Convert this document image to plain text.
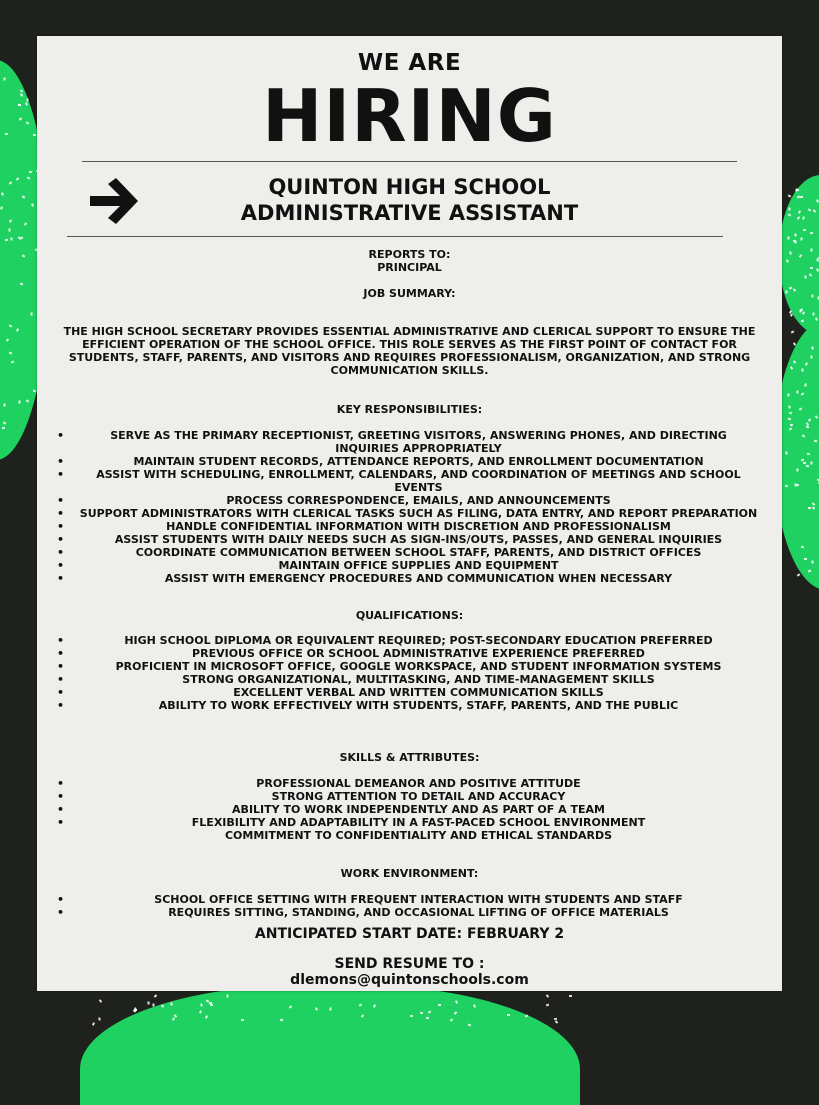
WE ARE
HIRING
QUINTON HIGH SCHOOL
ADMINISTRATIVE ASSISTANT
REPORTS TO:
PRINCIPAL
JOB SUMMARY:
THE HIGH SCHOOL SECRETARY PROVIDES ESSENTIAL ADMINISTRATIVE AND CLERICAL SUPPORT TO ENSURE THE EFFICIENT OPERATION OF THE SCHOOL OFFICE. THIS ROLE SERVES AS THE FIRST POINT OF CONTACT FOR STUDENTS, STAFF, PARENTS, AND VISITORS AND REQUIRES PROFESSIONALISM, ORGANIZATION, AND STRONG COMMUNICATION SKILLS.
KEY RESPONSIBILITIES:
• SERVE AS THE PRIMARY RECEPTIONIST, GREETING VISITORS, ANSWERING PHONES, AND DIRECTING INQUIRIES APPROPRIATELY
• MAINTAIN STUDENT RECORDS, ATTENDANCE REPORTS, AND ENROLLMENT DOCUMENTATION
• ASSIST WITH SCHEDULING, ENROLLMENT, CALENDARS, AND COORDINATION OF MEETINGS AND SCHOOL EVENTS
• PROCESS CORRESPONDENCE, EMAILS, AND ANNOUNCEMENTS
• SUPPORT ADMINISTRATORS WITH CLERICAL TASKS SUCH AS FILING, DATA ENTRY, AND REPORT PREPARATION
• HANDLE CONFIDENTIAL INFORMATION WITH DISCRETION AND PROFESSIONALISM
• ASSIST STUDENTS WITH DAILY NEEDS SUCH AS SIGN-INS/OUTS, PASSES, AND GENERAL INQUIRIES
• COORDINATE COMMUNICATION BETWEEN SCHOOL STAFF, PARENTS, AND DISTRICT OFFICES
• MAINTAIN OFFICE SUPPLIES AND EQUIPMENT
• ASSIST WITH EMERGENCY PROCEDURES AND COMMUNICATION WHEN NECESSARY
QUALIFICATIONS:
• HIGH SCHOOL DIPLOMA OR EQUIVALENT REQUIRED; POST-SECONDARY EDUCATION PREFERRED
• PREVIOUS OFFICE OR SCHOOL ADMINISTRATIVE EXPERIENCE PREFERRED
• PROFICIENT IN MICROSOFT OFFICE, GOOGLE WORKSPACE, AND STUDENT INFORMATION SYSTEMS
• STRONG ORGANIZATIONAL, MULTITASKING, AND TIME-MANAGEMENT SKILLS
• EXCELLENT VERBAL AND WRITTEN COMMUNICATION SKILLS
• ABILITY TO WORK EFFECTIVELY WITH STUDENTS, STAFF, PARENTS, AND THE PUBLIC
SKILLS & ATTRIBUTES:
• PROFESSIONAL DEMEANOR AND POSITIVE ATTITUDE
• STRONG ATTENTION TO DETAIL AND ACCURACY
• ABILITY TO WORK INDEPENDENTLY AND AS PART OF A TEAM
• FLEXIBILITY AND ADAPTABILITY IN A FAST-PACED SCHOOL ENVIRONMENT
COMMITMENT TO CONFIDENTIALITY AND ETHICAL STANDARDS
WORK ENVIRONMENT:
• SCHOOL OFFICE SETTING WITH FREQUENT INTERACTION WITH STUDENTS AND STAFF
• REQUIRES SITTING, STANDING, AND OCCASIONAL LIFTING OF OFFICE MATERIALS
ANTICIPATED START DATE: FEBRUARY 2
SEND RESUME TO :
dlemons@quintonschools.com
